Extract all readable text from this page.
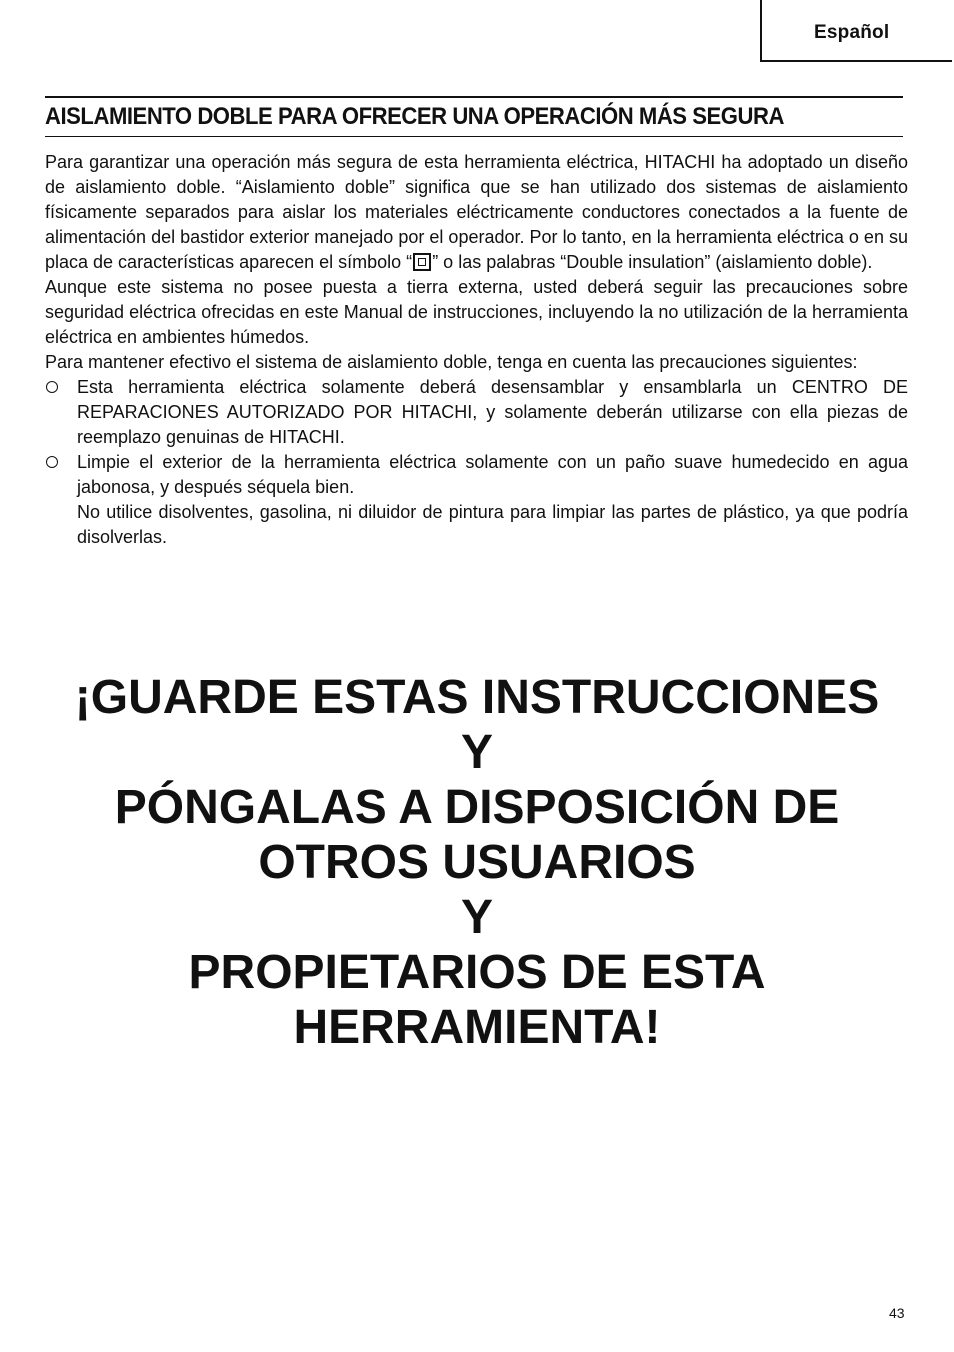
Español
AISLAMIENTO DOBLE PARA OFRECER UNA OPERACIÓN MÁS SEGURA

Para garantizar una operación más segura de esta herramienta eléctrica, HITACHI ha adoptado un diseño de aislamiento doble. “Aislamiento doble” significa que se han utilizado dos sistemas de aislamiento físicamente separados para aislar los materiales eléctricamente conductores conectados a la fuente de alimentación del bastidor exterior manejado por el operador. Por lo tanto, en la herramienta eléctrica o en su placa de características aparecen el símbolo “ ” o las palabras “Double insulation” (aislamiento doble).

Aunque este sistema no posee puesta a tierra externa, usted deberá seguir las precauciones sobre seguridad eléctrica ofrecidas en este Manual de instrucciones, incluyendo la no utilización de la herramienta eléctrica en ambientes húmedos.

Para mantener efectivo el sistema de aislamiento doble, tenga en cuenta las precauciones siguientes:

Esta herramienta eléctrica solamente deberá desensamblar y ensamblarla un CENTRO DE REPARACIONES AUTORIZADO POR HITACHI, y solamente deberán utilizarse con ella piezas de reemplazo genuinas de HITACHI.

Limpie el exterior de la herramienta eléctrica solamente con un paño suave humedecido en agua jabonosa, y después séquela bien.

No utilice disolventes, gasolina, ni diluidor de pintura para limpiar las partes de plástico, ya que podría disolverlas.

¡GUARDE ESTAS INSTRUCCIONES
Y
PÓNGALAS A DISPOSICIÓN DE
OTROS USUARIOS
Y
PROPIETARIOS DE ESTA
HERRAMIENTA!
43
